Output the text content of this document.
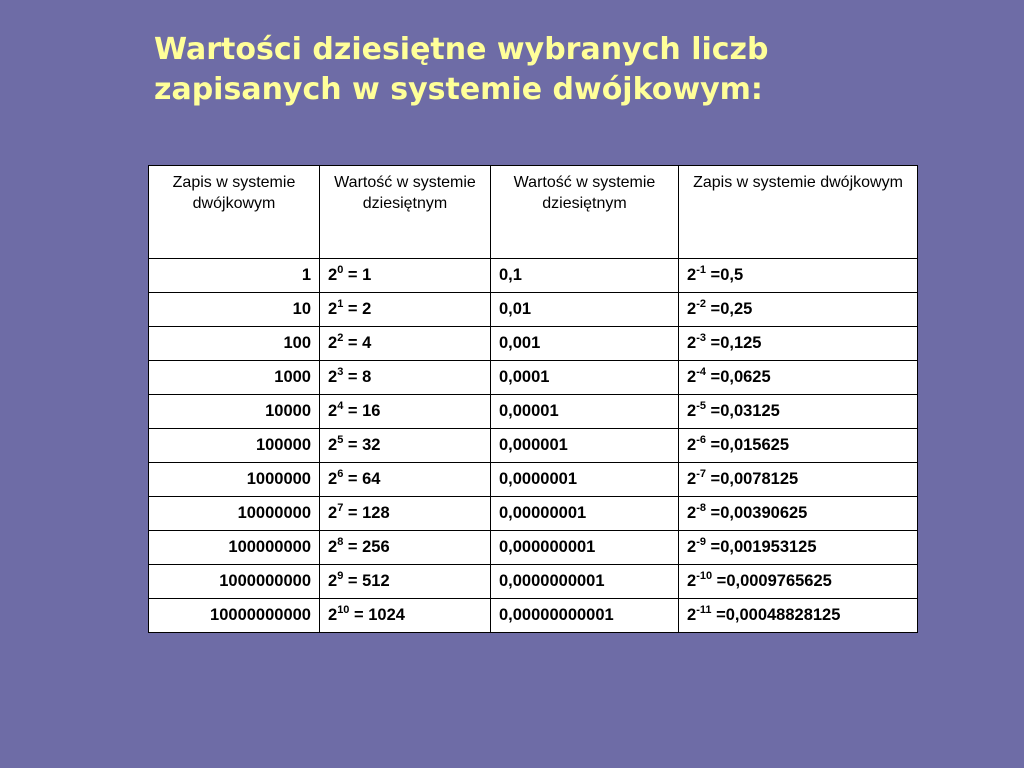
Wartości dziesiętne wybranych liczb
zapisanych w systemie dwójkowym:
Zapis w systemie dwójkowym	Wartość w systemie dziesiętnym	Wartość w systemie dziesiętnym	Zapis w systemie dwójkowym
1	$2^0 = 1$	0,1	$2^{-1} =0,5$
10	$2^1 = 2$	0,01	$2^{-2} =0,25$
100	$2^2 = 4$	0,001	$2^{-3} =0,125$
1000	$2^3 = 8$	0,0001	$2^{-4} =0,0625$
10000	$2^4 = 16$	0,00001	$2^{-5} =0,03125$
100000	$2^5 = 32$	0,000001	$2^{-6} =0,015625$
1000000	$2^6 = 64$	0,0000001	$2^{-7} =0,0078125$
10000000	$2^7 = 128$	0,00000001	$2^{-8} =0,00390625$
100000000	$2^8 = 256$	0,000000001	$2^{-9} =0,001953125$
1000000000	$2^9 = 512$	0,0000000001	$2^{-10} =0,0009765625$
10000000000	$2^{10} = 1024$	0,00000000001	$2^{-11} =0,00048828125$
